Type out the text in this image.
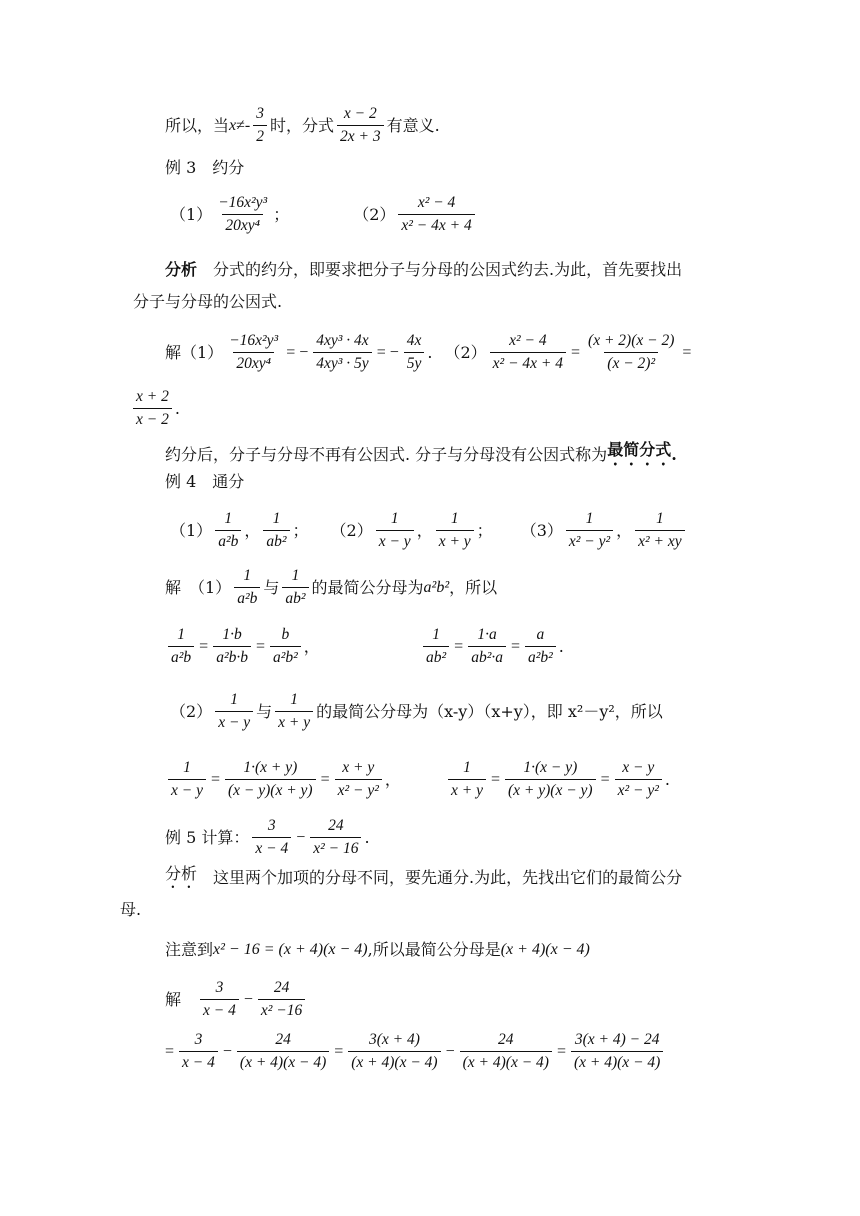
所以，当 $x \ne- \frac{3}{2}$ 时，分式 $\frac{x - 2}{2x + 3}$ 有意义.
例 3　约分
$(1) \frac{\text{−16x²y³}}{\text{20xy⁴}}$ ；	$(2) \frac{\text{x² − 4}}{\text{x² − 4x + 4}}$
分析 　分式的约分，即要求把分子与分母的公因式约去.为此，首先要找出
分子与分母的公因式.
解$(1) \frac{\text{−16x²y³}}{\text{20xy⁴}}$ = − $\frac{\text{4xy³ · 4x}}{\text{4xy³ · 5y}}$ = − $\frac{4x}{5y}$ . $(2) \frac{\text{x² − 4}}{\text{x² − 4x + 4}} = \frac{(x + 2)(x - 2)}{\text{(x − 2)²}}$ =
$\frac{x + 2}{x - 2}$ .
约分后，分子与分母不再有公因式. 分子与分母没有公因式称为 最简分式 .
例 4　通分
$(1) \frac{1}{\text{a²b}}$ ， $\frac{1}{\text{ab²}}$ ； $(2) \frac{1}{x - y}$ ， $\frac{1}{x + y}$ ； $(3) \frac{1}{\text{x² − y²}}$ ， $\frac{1}{\text{x² + xy}}$
解　$(1) \frac{1}{\text{a²b}}$ 与 $\frac{1}{\text{ab²}}$ 的最简公分母为 a²b² ，所以
$\frac{1}{\text{a²b}} = \frac{1\cdot b}{\text{a²b·b}} = \frac{b}{\text{a²b²}}$ ，	$\frac{1}{\text{ab²}} = \frac{1\cdot a}{\text{ab²·a}} = \frac{a}{\text{a²b²}}$ .
$(2) \frac{1}{x - y}$ 与 $\frac{1}{x + y}$ 的最简公分母为（x-y）（x+y），即 x²－y²，所以
$\frac{1}{x - y} = \frac{1\cdot(x + y)}{(x - y)(x + y)} = \frac{x + y}{\text{x² − y²}}$ ，	$\frac{1}{x + y} = \frac{1\cdot(x - y)}{(x + y)(x - y)} = \frac{x - y}{\text{x² − y²}}$ .
例 5 计算： $\frac{3}{x - 4} - \frac{24}{\text{x² − 16}}$ .
分析 　这里两个加项的分母不同，要先通分.为此，先找出它们的最简公分
母.
注意到 x² − 16 = (x + 4)(x − 4) ,所以最简公分母是 (x + 4)(x − 4)
解　 $\frac{3}{x - 4} - \frac{24}{\text{x² −16}}$
= $\frac{3}{x - 4} - \frac{24}{(x + 4)(x - 4)} = \frac{3(x + 4)}{(x + 4)(x - 4)} - \frac{24}{(x + 4)(x - 4)} = \frac{3(x + 4) - 24}{(x + 4)(x - 4)}$
